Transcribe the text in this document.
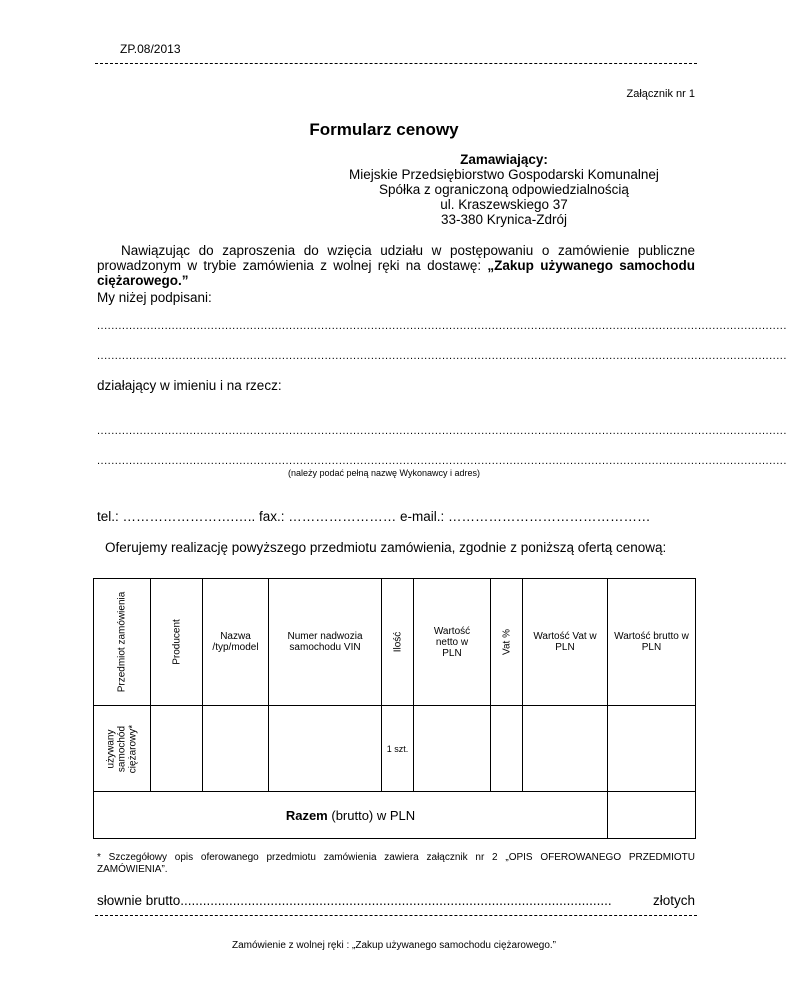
ZP.08/2013
Załącznik nr 1
Formularz cenowy
Zamawiający:
Miejskie Przedsiębiorstwo Gospodarski Komunalnej
Spółka z ograniczoną odpowiedzialnością
ul. Kraszewskiego 37
33-380 Krynica-Zdrój
Nawiązując do zaproszenia do wzięcia udziału w postępowaniu o zamówienie publiczne prowadzonym w trybie zamówienia z wolnej ręki na dostawę: „Zakup używanego samochodu ciężarowego.”
My niżej podpisani:
..................................................................................................................................................................................................
..................................................................................................................................................................................................
działający w imieniu i na rzecz:
..................................................................................................................................................................................................
..................................................................................................................................................................................................
(należy podać pełną nazwę Wykonawcy i adres)
tel.: …………………….….. fax.: …………………… e-mail.: ………………………………………
Oferujemy realizację powyższego przedmiotu zamówienia, zgodnie z poniższą ofertą cenową:
Przedmiot zamówienia	Producent	Nazwa /typ/model	Numer nadwozia samochodu VIN	Ilość	Wartość netto w PLN	Vat %	Wartość Vat w PLN	Wartość brutto w PLN

używany samochód ciężarowy*				1 szt.				
Razem (brutto) w PLN								
* Szczegółowy opis oferowanego przedmiotu zamówienia zawiera załącznik nr 2 „OPIS OFEROWANEGO PRZEDMIOTU ZAMÓWIENIA”.
słownie brutto ...................................................................................................................	złotych
Zamówienie z wolnej ręki : „Zakup używanego samochodu ciężarowego.”
